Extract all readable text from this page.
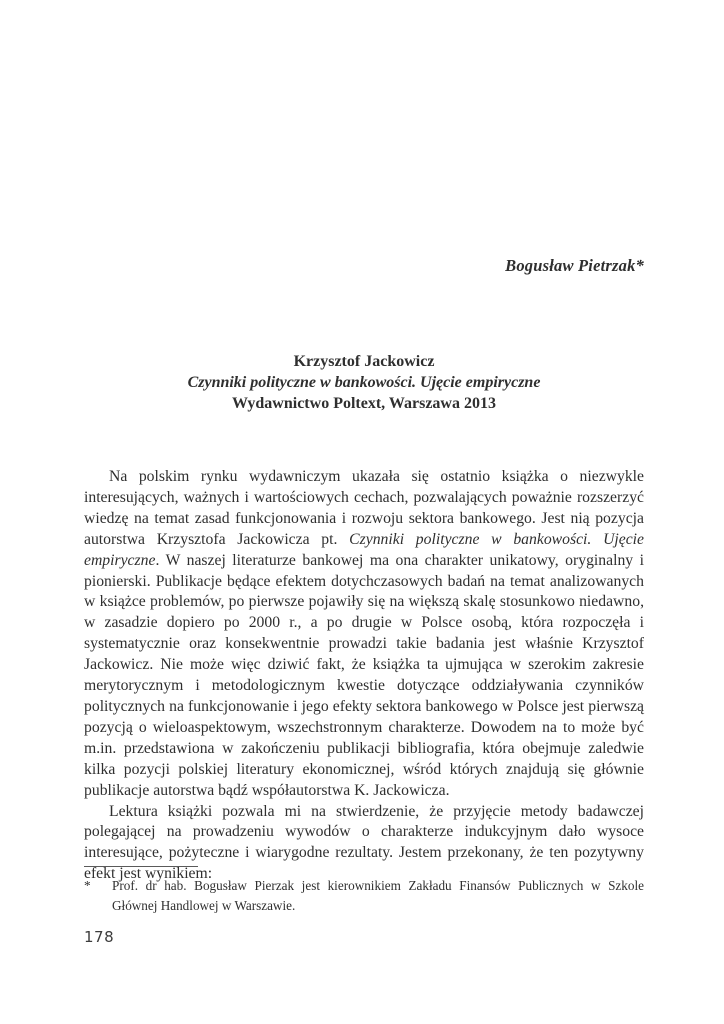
Bogusław Pietrzak*
Krzysztof Jackowicz
Czynniki polityczne w bankowości. Ujęcie empiryczne
Wydawnictwo Poltext, Warszawa 2013

Na polskim rynku wydawniczym ukazała się ostatnio książka o niezwykle interesujących, ważnych i wartościowych cechach, pozwalających poważnie rozszerzyć wiedzę na temat zasad funkcjonowania i rozwoju sektora bankowego. Jest nią pozycja autorstwa Krzysztofa Jackowicza pt. Czynniki polityczne w bankowości. Ujęcie empiryczne. W naszej literaturze bankowej ma ona charakter unikatowy, oryginalny i pionierski. Publikacje będące efektem dotychczasowych badań na temat analizowanych w książce problemów, po pierwsze pojawiły się na większą skalę stosunkowo niedawno, w zasadzie dopiero po 2000 r., a po drugie w Polsce osobą, która rozpoczęła i systematycznie oraz konsekwentnie prowadzi takie badania jest właśnie Krzysztof Jackowicz. Nie może więc dziwić fakt, że książka ta ujmująca w szerokim zakresie merytorycznym i metodologicznym kwestie dotyczące oddziaływania czynników politycznych na funkcjonowanie i jego efekty sektora bankowego w Polsce jest pierwszą pozycją o wieloaspektowym, wszechstronnym charakterze. Dowodem na to może być m.in. przedstawiona w zakończeniu publikacji bibliografia, która obejmuje zaledwie kilka pozycji polskiej literatury ekonomicznej, wśród których znajdują się głównie publikacje autorstwa bądź współautorstwa K. Jackowicza.

Lektura książki pozwala mi na stwierdzenie, że przyjęcie metody badawczej polegającej na prowadzeniu wywodów o charakterze indukcyjnym dało wysoce interesujące, pożyteczne i wiarygodne rezultaty. Jestem przekonany, że ten pozytywny efekt jest wynikiem:

*	Prof. dr hab. Bogusław Pierzak jest kierownikiem Zakładu Finansów Publicznych w Szkole Głównej Handlowej w Warszawie.
178
